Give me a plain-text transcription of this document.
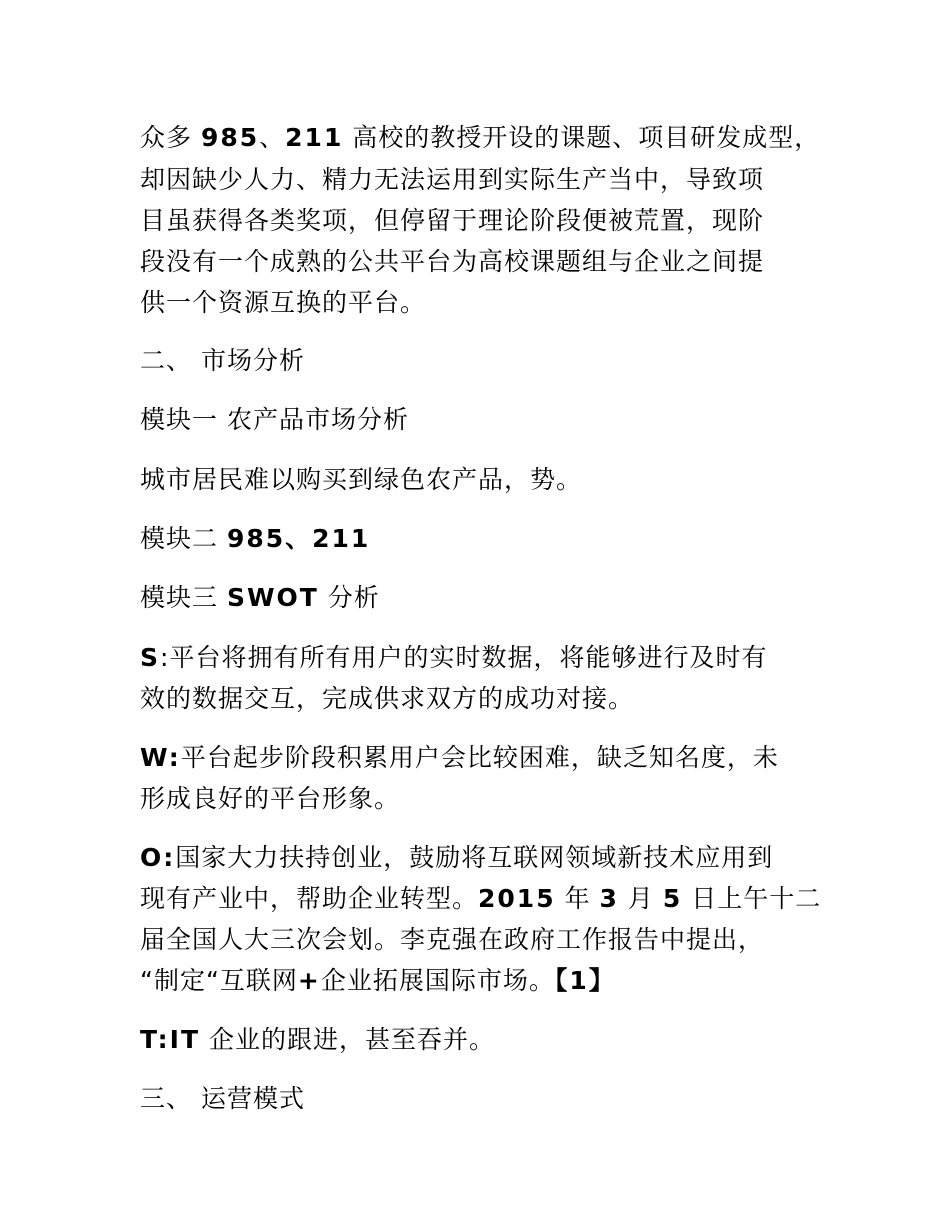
众多 985、211 高校的教授开设的课题、项目研发成型，
却因缺少人力、精力无法运用到实际生产当中，导致项
目虽获得各类奖项，但停留于理论阶段便被荒置，现阶
段没有一个成熟的公共平台为高校课题组与企业之间提
供一个资源互换的平台。
二、 市场分析
模块一 农产品市场分析
城市居民难以购买到绿色农产品，势。
模块二 985、211
模块三 SWOT 分析
S:平台将拥有所有用户的实时数据，将能够进行及时有
效的数据交互，完成供求双方的成功对接。
W:平台起步阶段积累用户会比较困难，缺乏知名度，未
形成良好的平台形象。
O:国家大力扶持创业，鼓励将互联网领域新技术应用到
现有产业中，帮助企业转型。2015 年 3 月 5 日上午十二
届全国人大三次会划。李克强在政府工作报告中提出，
“制定“互联网+企业拓展国际市场。【1】
T:IT 企业的跟进，甚至吞并。
三、 运营模式
